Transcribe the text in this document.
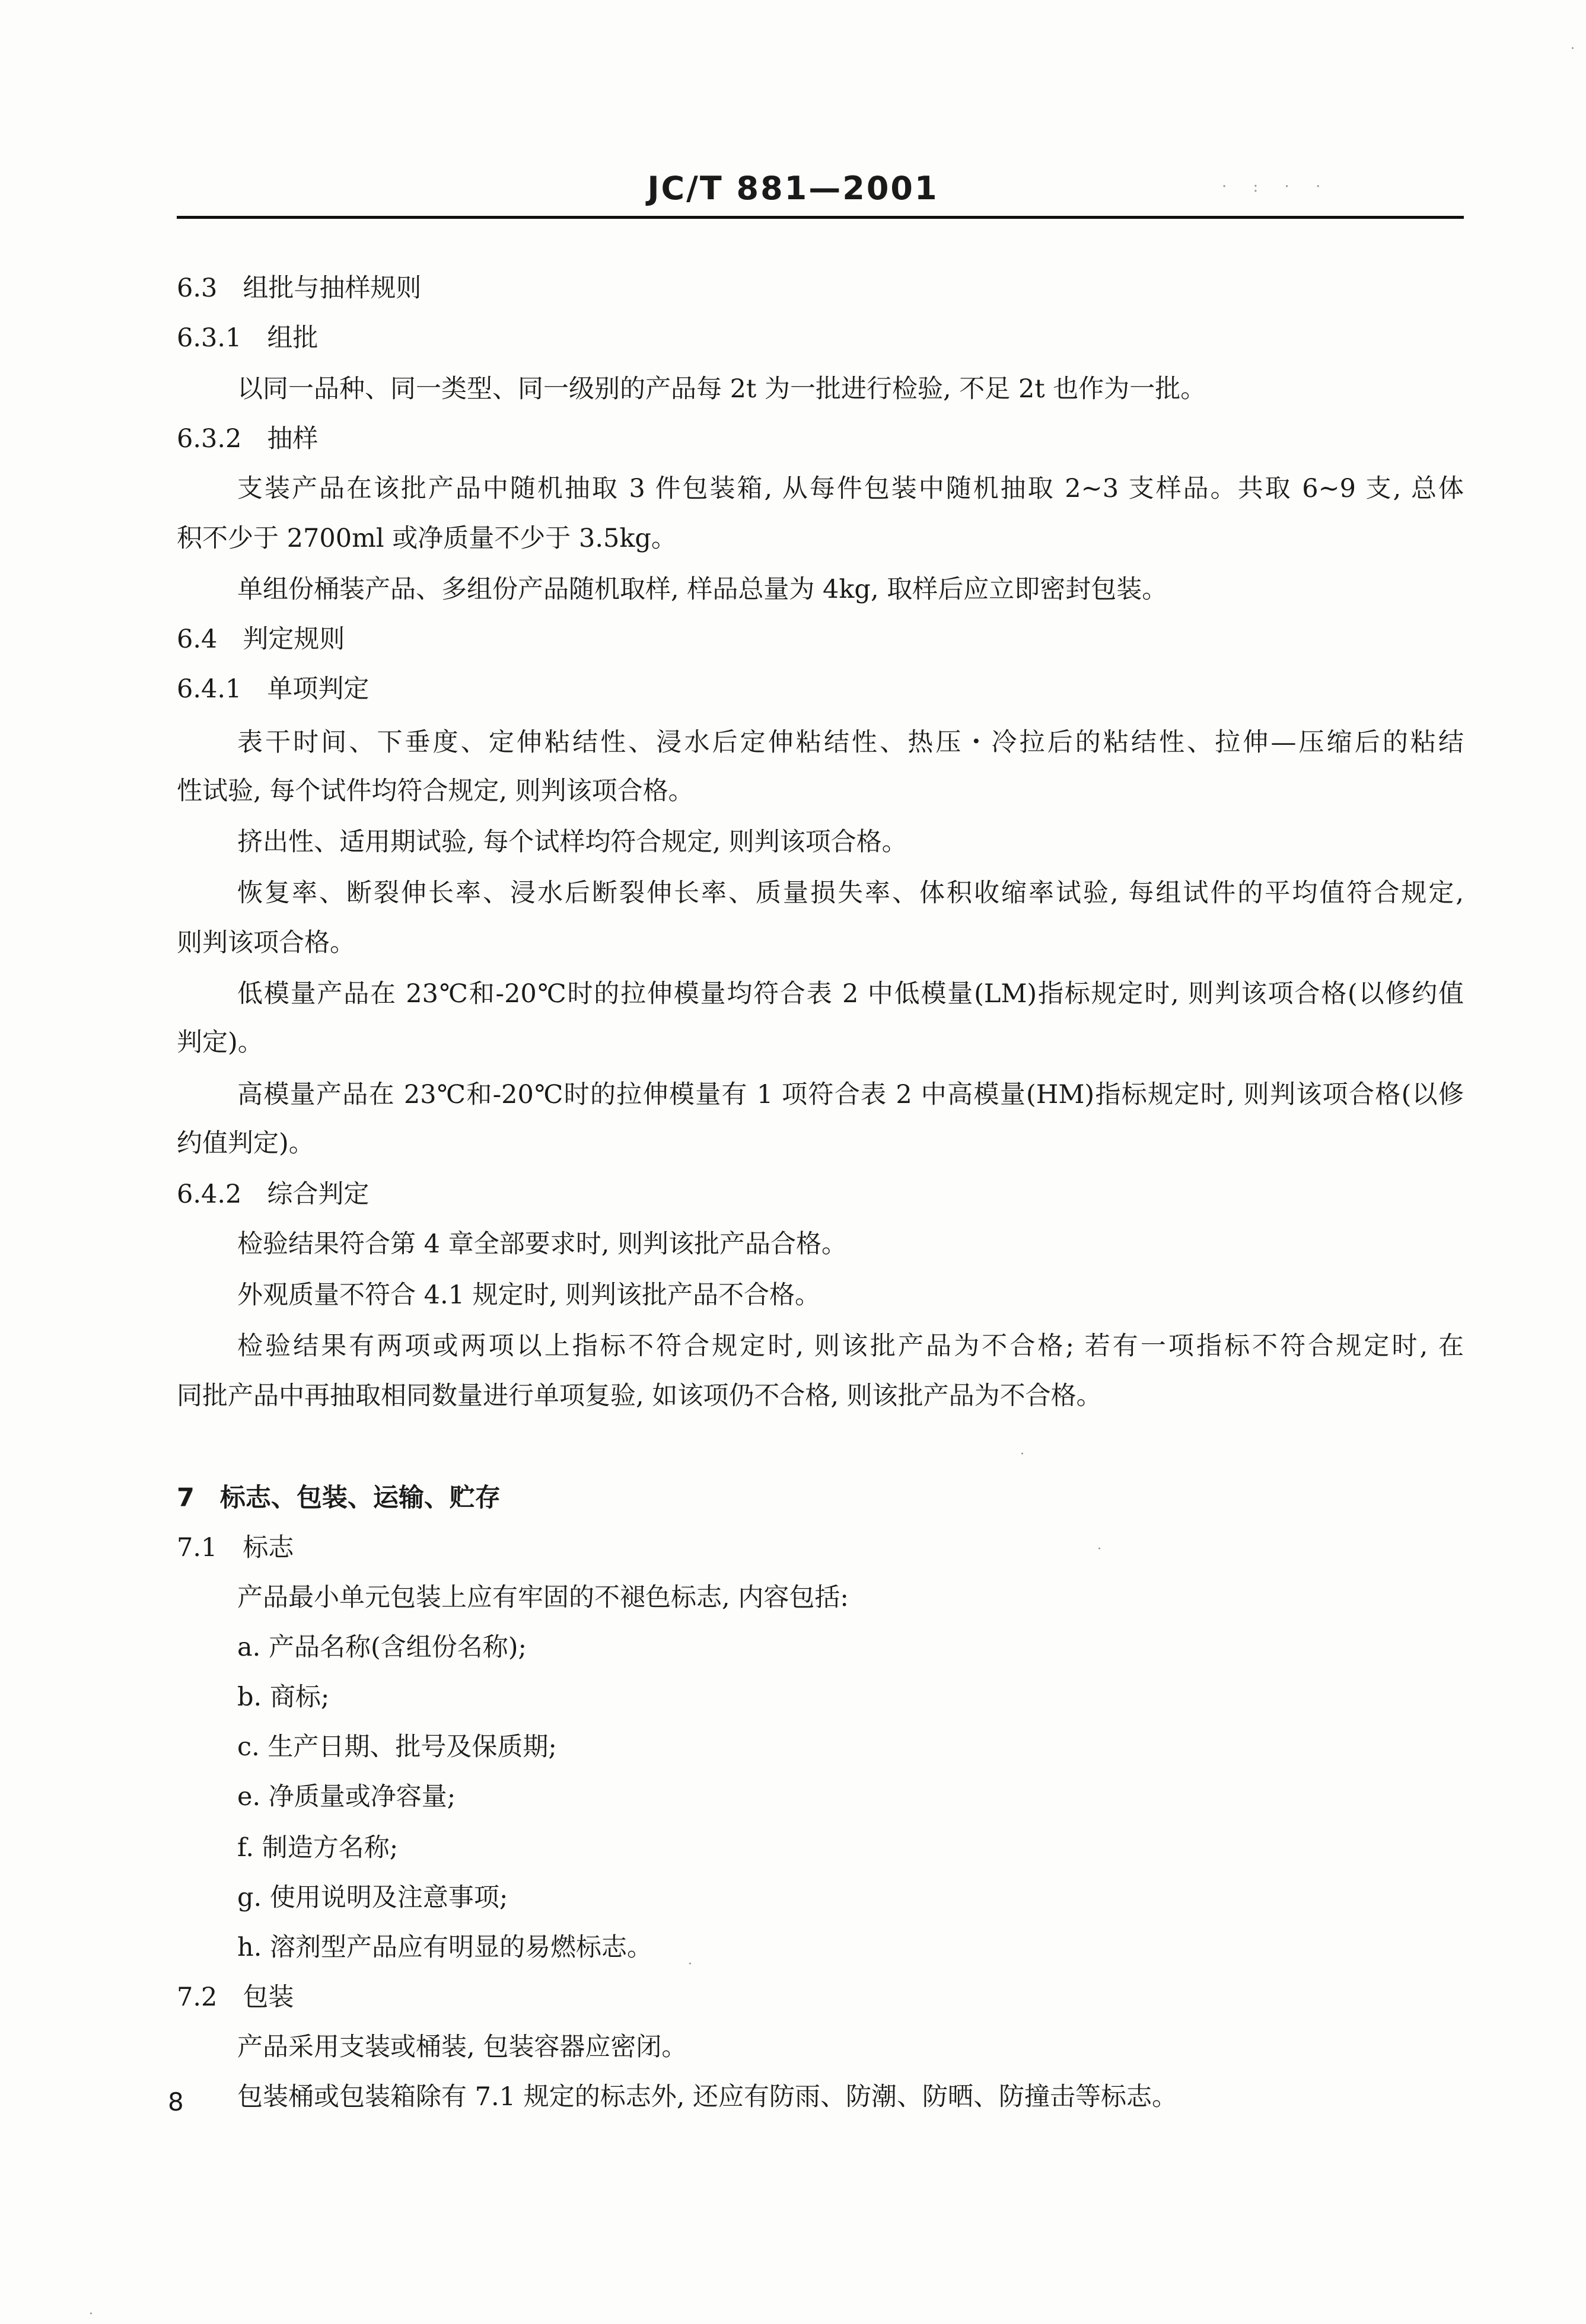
JC/T 881—2001	· : · ·
6.3　组批与抽样规则
6.3.1　组批
以同一品种、同一类型、同一级别的产品每 2t 为一批进行检验, 不足 2t 也作为一批。
6.3.2　抽样
支装产品在该批产品中随机抽取 3 件包装箱, 从每件包装中随机抽取 2~3 支样品。共取 6~9 支, 总体
积不少于 2700ml 或净质量不少于 3.5kg。
单组份桶装产品、多组份产品随机取样, 样品总量为 4kg, 取样后应立即密封包装。
6.4　判定规则
6.4.1　单项判定
表干时间、下垂度、定伸粘结性、浸水后定伸粘结性、热压・冷拉后的粘结性、拉伸—压缩后的粘结
性试验, 每个试件均符合规定, 则判该项合格。
挤出性、适用期试验, 每个试样均符合规定, 则判该项合格。
恢复率、断裂伸长率、浸水后断裂伸长率、质量损失率、体积收缩率试验, 每组试件的平均值符合规定,
则判该项合格。
低模量产品在 23℃和-20℃时的拉伸模量均符合表 2 中低模量(LM)指标规定时, 则判该项合格(以修约值
判定)。
高模量产品在 23℃和-20℃时的拉伸模量有 1 项符合表 2 中高模量(HM)指标规定时, 则判该项合格(以修
约值判定)。
6.4.2　综合判定
检验结果符合第 4 章全部要求时, 则判该批产品合格。
外观质量不符合 4.1 规定时, 则判该批产品不合格。
检验结果有两项或两项以上指标不符合规定时, 则该批产品为不合格; 若有一项指标不符合规定时, 在
同批产品中再抽取相同数量进行单项复验, 如该项仍不合格, 则该批产品为不合格。
7　标志、包装、运输、贮存
7.1　标志
产品最小单元包装上应有牢固的不褪色标志, 内容包括:
a. 产品名称(含组份名称);
b. 商标;
c. 生产日期、批号及保质期;
e. 净质量或净容量;
f. 制造方名称;
g. 使用说明及注意事项;
h. 溶剂型产品应有明显的易燃标志。
7.2　包装
产品采用支装或桶装, 包装容器应密闭。
包装桶或包装箱除有 7.1 规定的标志外, 还应有防雨、防潮、防晒、防撞击等标志。
8
·
·
·
·
·
